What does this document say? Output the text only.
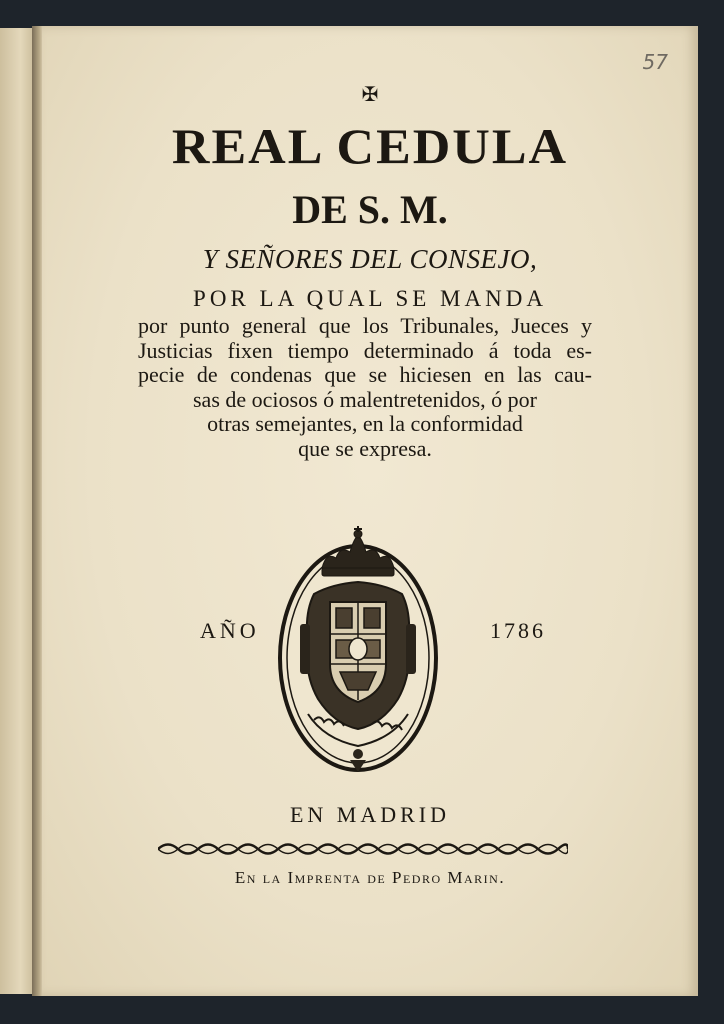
57
✠
REAL CEDULA
DE S. M.
Y SEÑORES DEL CONSEJO,
POR LA QUAL SE MANDA
por punto general que los Tribunales, Jueces y
Justicias fixen tiempo determinado á toda es-
pecie de condenas que se hiciesen en las cau-
sas de ociosos ó malentretenidos, ó por
otras semejantes, en la conformidad
que se expresa.
AÑO	1786
EN MADRID
En la Imprenta de Pedro Marin.
